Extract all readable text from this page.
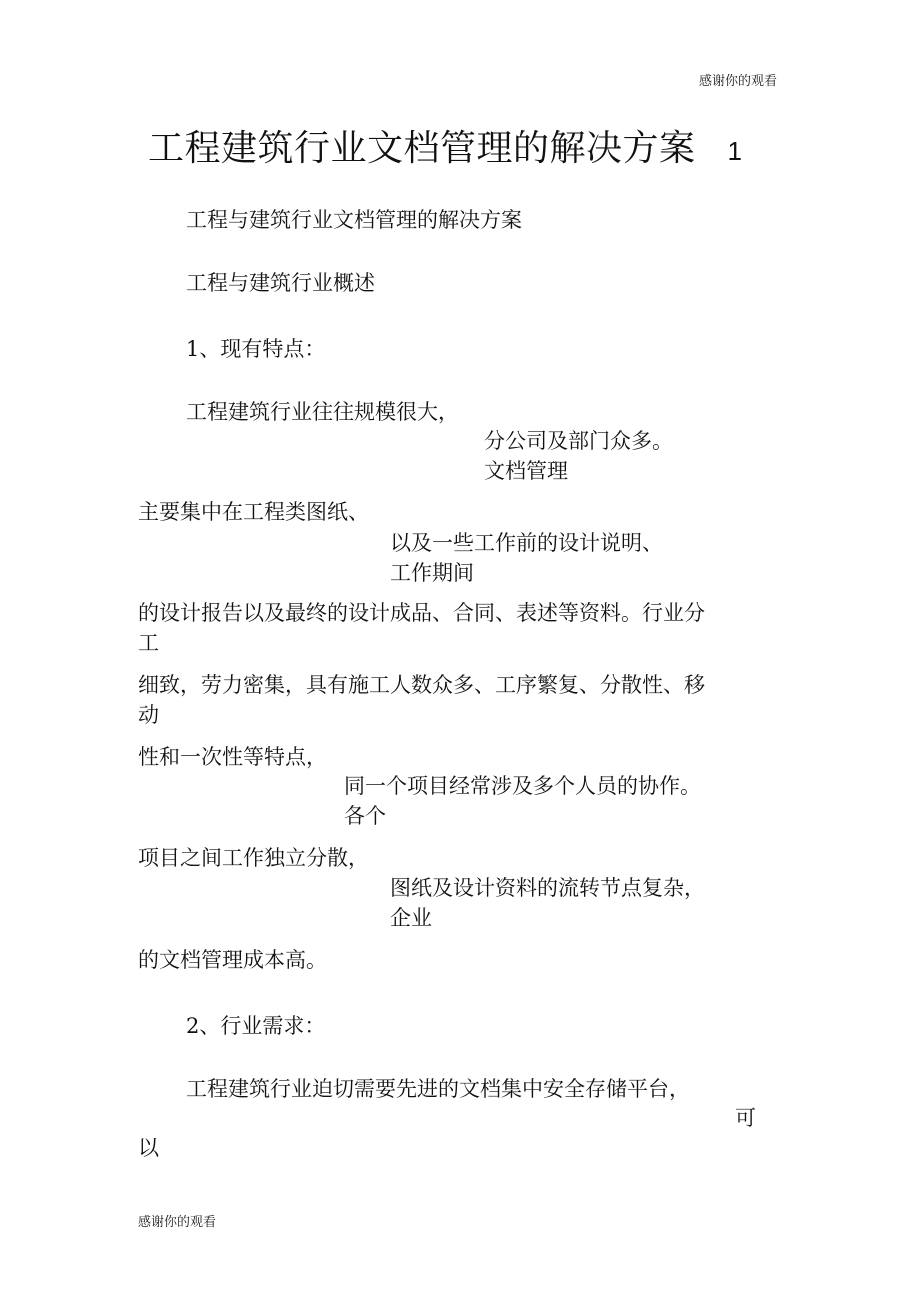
感谢你的观看
工程建筑行业文档管理的解决方案 1
工程与建筑行业文档管理的解决方案
工程与建筑行业概述
1、现有特点：
工程建筑行业往往规模很大，
分公司及部门众多。
文档管理
主要集中在工程类图纸、
以及一些工作前的设计说明、
工作期间
的设计报告以及最终的设计成品、合同、表述等资料。行业分
工
细致，劳力密集，具有施工人数众多、工序繁复、分散性、移
动
性和一次性等特点，
同一个项目经常涉及多个人员的协作。
各个
项目之间工作独立分散，
图纸及设计资料的流转节点复杂，
企业
的文档管理成本高。
2、行业需求：
工程建筑行业迫切需要先进的文档集中安全存储平台，
可
以
感谢你的观看
